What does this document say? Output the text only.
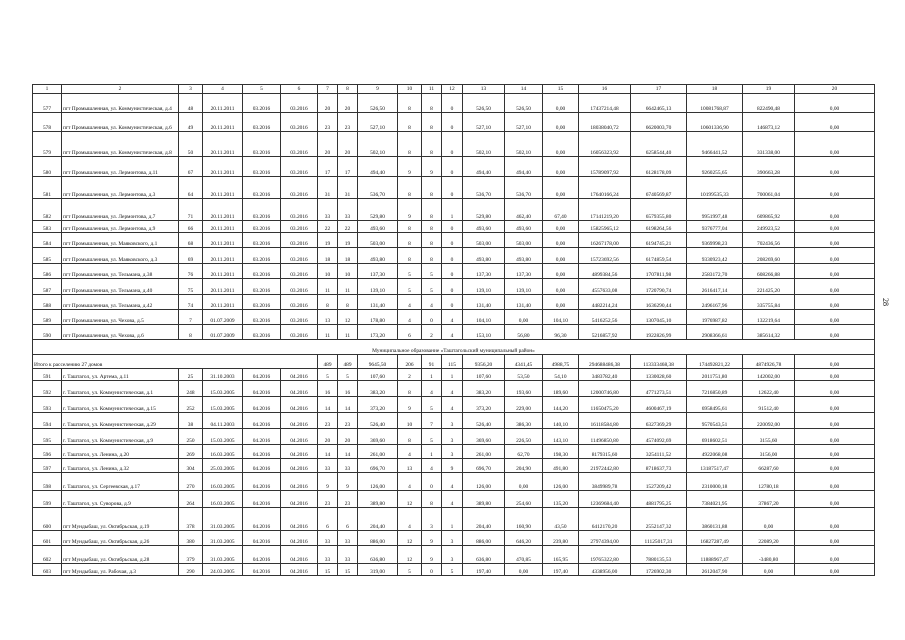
1	2	3	4	5	6	7	8	9	10	11	12	13	14	15	16	17	18	19	20
577	пгт Промышленная, ул. Коммунистическая, д.4	48	20.11.2011	03.2016	03.2016	20	20	526,50	8	8	0	526,50	526,50	0,00	17437214,48	6642465,13	10081768,87	822490,48	0,00
578	пгт Промышленная, ул. Коммунистическая, д.6	49	20.11.2011	03.2016	03.2016	23	23	527,10	8	8	0	527,10	527,10	0,00	18038040,72	6620003,70	10601336,90	146873,12	0,00
579	пгт Промышленная, ул. Коммунистическая, д.8	50	20.11.2011	03.2016	03.2016	20	20	502,10	8	8	0	502,10	502,10	0,00	16056323,92	6258544,40	9466441,52	331338,00	0,00
580	пгт Промышленная, ул. Лермонтова, д.11	67	20.11.2011	03.2016	03.2016	17	17	494,40	9	9	0	494,40	494,40	0,00	15789097,92	6128178,09	9260255,65	390663,28	0,00
581	пгт Промышленная, ул. Лермонтова, д.3	64	20.11.2011	03.2016	03.2016	31	31	536,70	8	8	0	536,70	536,70	0,00	17640166,24	6740569,87	10199535,33	700061,04	0,00
582	пгт Промышленная, ул. Лермонтова, д.7	71	20.11.2011	03.2016	03.2016	33	33	529,80	9	8	1	529,80	462,40	67,40	17141219,20	6579355,80	9951997,48	609865,92	0,00
583	пгт Промышленная, ул. Лермонтова, д.9	66	20.11.2011	03.2016	03.2016	22	22	493,60	8	8	0	493,60	493,60	0,00	15825965,12	6198264,56	9376777,04	249923,52	0,00
584	пгт Промышленная, ул. Маяковского, д.1	68	20.11.2011	03.2016	03.2016	19	19	503,00	8	8	0	503,00	503,00	0,00	16267178,00	6194745,21	9369998,23	702436,56	0,00
585	пгт Промышленная, ул. Маяковского, д.3	69	20.11.2011	03.2016	03.2016	18	18	493,80	8	8	0	493,80	493,80	0,00	15723692,56	6174859,54	9330923,42	208269,60	0,00
586	пгт Промышленная, ул. Тельмана, д.38	76	20.11.2011	03.2016	03.2016	10	10	137,30	5	5	0	137,30	137,30	0,00	4899384,56	1707811,98	2583172,70	608266,88	0,00
587	пгт Промышленная, ул. Тельмана, д.40	75	20.11.2011	03.2016	03.2016	11	11	139,10	5	5	0	139,10	139,10	0,00	4557633,08	1720790,74	2616417,14	221425,20	0,00
588	пгт Промышленная, ул. Тельмана, д.42	74	20.11.2011	03.2016	03.2016	8	8	131,40	4	4	0	131,40	131,40	0,00	4482214,24	1636290,44	2496167,96	335755,84	0,00
589	пгт Промышленная, ул. Чехова, д.5	7	01.07.2009	03.2016	03.2016	13	12	178,80	4	0	4	104,10	0,00	104,10	5416252,56	1307045,10	1976987,82	132219,64	0,00
590	пгт Промышленная, ул. Чехова, д.6	8	01.07.2009	03.2016	03.2016	11	11	173,20	6	2	4	153,10	56,80	96,30	5216857,92	1922826,99	2908366,61	385614,32	0,00
Муниципальное образование «Таштагольский муниципальный район»																			
Итого к расселению 27 домов						489	489	9645,50	206	91	115	9356,20	4341,45	4988,75	294688486,38	113333468,38	174492821,22	4874926,78	0,00
591	г. Таштагол, ул. Артема, д.11	25	31.10.2003	04.2016	04.2016	5	5	107,60	2	1	1	107,60	53,50	54,10	3483782,40	1330028,60	2011751,80	142002,00	0,00
592	г. Таштагол, ул. Коммунистическая, д.1	248	15.03.2005	04.2016	04.2016	16	16	383,20	8	4	4	383,20	193,60	189,60	12000746,80	4771273,51	7216850,89	12622,40	0,00
593	г. Таштагол, ул. Коммунистическая, д.15	252	15.03.2005	04.2016	04.2016	14	14	373,20	9	5	4	373,20	229,00	144,20	11650475,20	4600467,19	6958495,61	91512,40	0,00
594	г. Таштагол, ул. Коммунистическая, д.29	38	04.11.2003	04.2016	04.2016	23	23	526,40	10	7	3	526,40	386,30	140,10	16118584,80	6327369,29	9570543,51	220092,00	0,00
595	г. Таштагол, ул. Коммунистическая, д.9	250	15.03.2005	04.2016	04.2016	20	20	369,60	8	5	3	369,60	226,50	143,10	11496850,80	4574092,69	6918602,51	3155,60	0,00
596	г. Таштагол, ул. Ленина, д.20	269	16.03.2005	04.2016	04.2016	14	14	261,00	4	1	3	261,00	62,70	198,30	8179315,60	3254111,52	4922068,08	3156,00	0,00
597	г. Таштагол, ул. Ленина, д.32	304	25.03.2005	04.2016	04.2016	33	33	696,70	13	4	9	696,70	204,90	491,80	21972442,80	8718637,73	13187517,47	66287,60	0,00
598	г. Таштагол, ул. Сергеевская, д.17	270	16.03.2005	04.2016	04.2016	9	9	126,00	4	0	4	126,00	0,00	126,00	3849989,78	1527209,42	2310000,18	12780,18	0,00
599	г. Таштагол, ул. Суворова, д.9	264	16.03.2005	04.2016	04.2016	23	23	389,80	12	8	4	389,80	254,60	135,20	12369684,40	4881795,25	7384021,95	37867,20	0,00
600	пгт Мундыбаш, ул. Октябрьская, д.19	378	31.03.2005	04.2016	04.2016	6	6	204,40	4	3	1	204,40	160,90	43,50	6412170,20	2552147,32	3860131,88	0,00	0,00
601	пгт Мундыбаш, ул. Октябрьская, д.26	380	31.03.2005	04.2016	04.2016	33	33	886,00	12	9	3	886,00	646,20	239,80	27974394,00	11125017,31	16827287,49	22089,20	0,00
602	пгт Мундыбаш, ул. Октябрьская, д.28	379	31.03.2005	04.2016	04.2016	33	33	636,80	12	9	3	636,80	470,85	165,95	19765322,80	7880135,53	11888967,47	-3480,80	0,00
603	пгт Мундыбаш, ул. Рабочая, д.3	290	24.03.2005	04.2016	04.2016	15	15	319,00	5	0	5	197,40	0,00	197,40	4338956,00	1726902,30	2612047,90	0,00	0,00
28
